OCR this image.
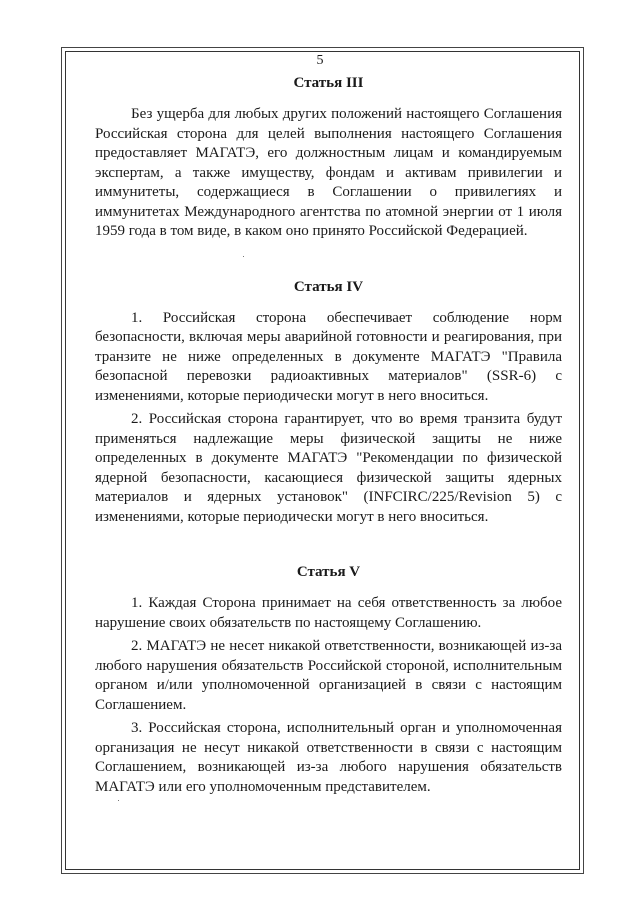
5
Статья III

Без ущерба для любых других положений настоящего Соглашения Российская сторона для целей выполнения настоящего Соглашения предоставляет МАГАТЭ, его должностным лицам и командируемым экспертам, а также имуществу, фондам и активам привилегии и иммунитеты, содержащиеся в Соглашении о привилегиях и иммунитетах Международного агентства по атомной энергии от 1 июля 1959 года в том виде, в каком оно принято Российской Федерацией.

Статья IV

1. Российская сторона обеспечивает соблюдение норм безопасности, включая меры аварийной готовности и реагирования, при транзите не ниже определенных в документе МАГАТЭ "Правила безопасной перевозки радиоактивных материалов" (SSR-6) с изменениями, которые периодически могут в него вноситься.

2. Российская сторона гарантирует, что во время транзита будут применяться надлежащие меры физической защиты не ниже определенных в документе МАГАТЭ "Рекомендации по физической ядерной безопасности, касающиеся физической защиты ядерных материалов и ядерных установок" (INFCIRC/225/Revision 5) с изменениями, которые периодически могут в него вноситься.

Статья V

1. Каждая Сторона принимает на себя ответственность за любое нарушение своих обязательств по настоящему Соглашению.

2. МАГАТЭ не несет никакой ответственности, возникающей из-за любого нарушения обязательств Российской стороной, исполнительным органом и/или уполномоченной организацией в связи с настоящим Соглашением.

3. Российская сторона, исполнительный орган и уполномоченная организация не несут никакой ответственности в связи с настоящим Соглашением, возникающей из-за любого нарушения обязательств МАГАТЭ или его уполномоченным представителем.
